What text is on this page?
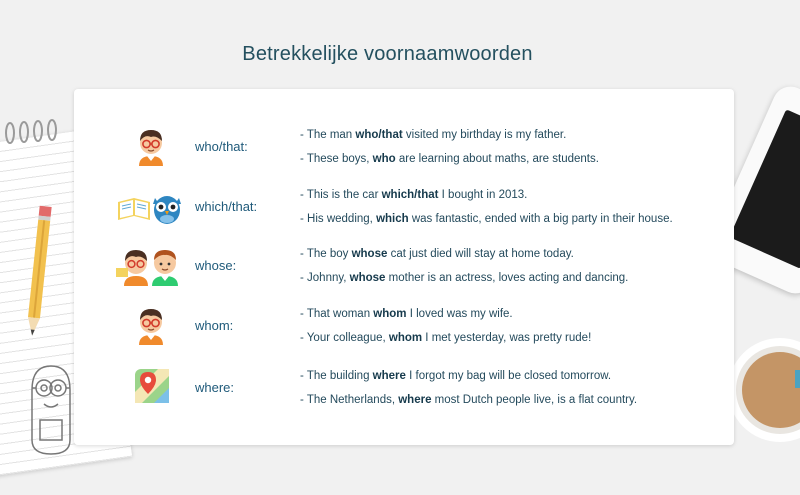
Betrekkelijke voornaamwoorden
who/that:
- The man who/that visited my birthday is my father.
- These boys, who are learning about maths, are students.
which/that:
- This is the car which/that I bought in 2013.
- His wedding, which was fantastic, ended with a big party in their house.
whose:
- The boy whose cat just died will stay at home today.
- Johnny, whose mother is an actress, loves acting and dancing.
whom:
- That woman whom I loved was my wife.
- Your colleague, whom I met yesterday, was pretty rude!
where:
- The building where I forgot my bag will be closed tomorrow.
- The Netherlands, where most Dutch people live, is a flat country.
